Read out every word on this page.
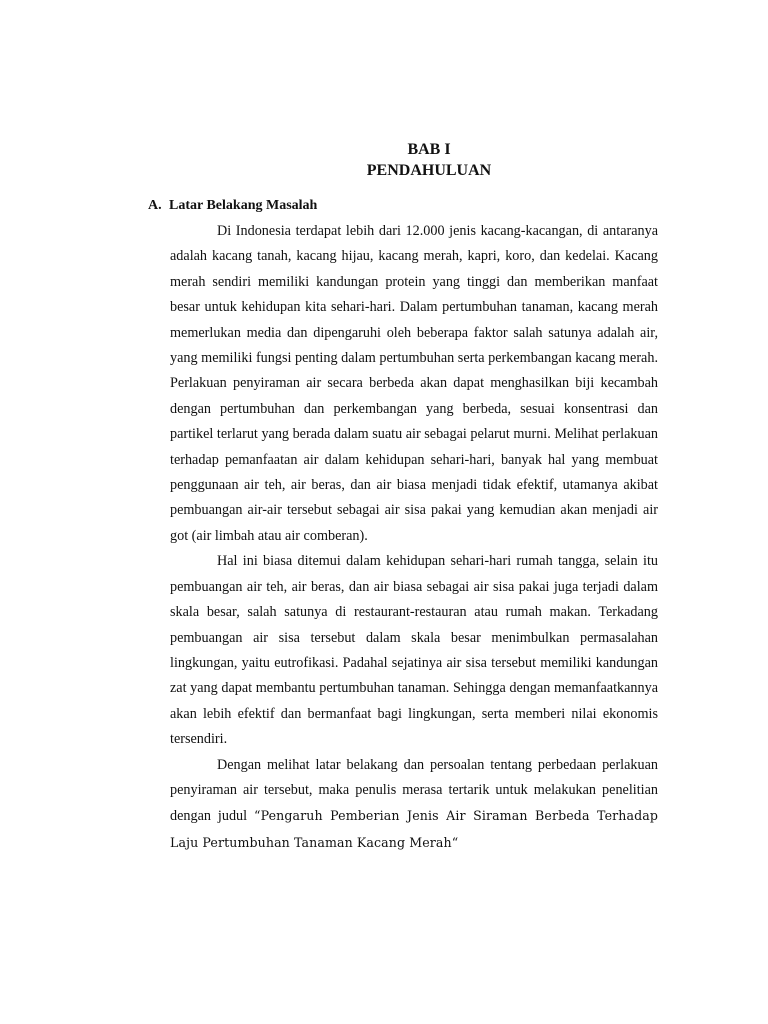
BAB I
PENDAHULUAN
A. Latar Belakang Masalah

Di Indonesia terdapat lebih dari 12.000 jenis kacang-kacangan, di antaranya adalah kacang tanah, kacang hijau, kacang merah, kapri, koro, dan kedelai. Kacang merah sendiri memiliki kandungan protein yang tinggi dan memberikan manfaat besar untuk kehidupan kita sehari-hari. Dalam pertumbuhan tanaman, kacang merah memerlukan media dan dipengaruhi oleh beberapa faktor salah satunya adalah air, yang memiliki fungsi penting dalam pertumbuhan serta perkembangan kacang merah. Perlakuan penyiraman air secara berbeda akan dapat menghasilkan biji kecambah dengan pertumbuhan dan perkembangan yang berbeda, sesuai konsentrasi dan partikel terlarut yang berada dalam suatu air sebagai pelarut murni. Melihat perlakuan terhadap pemanfaatan air dalam kehidupan sehari-hari, banyak hal yang membuat penggunaan air teh, air beras, dan air biasa menjadi tidak efektif, utamanya akibat pembuangan air-air tersebut sebagai air sisa pakai yang kemudian akan menjadi air got (air limbah atau air comberan).

Hal ini biasa ditemui dalam kehidupan sehari-hari rumah tangga, selain itu pembuangan air teh, air beras, dan air biasa sebagai air sisa pakai juga terjadi dalam skala besar, salah satunya di restaurant-restauran atau rumah makan. Terkadang pembuangan air sisa tersebut dalam skala besar menimbulkan permasalahan lingkungan, yaitu eutrofikasi. Padahal sejatinya air sisa tersebut memiliki kandungan zat yang dapat membantu pertumbuhan tanaman. Sehingga dengan memanfaatkannya akan lebih efektif dan bermanfaat bagi lingkungan, serta memberi nilai ekonomis tersendiri.

Dengan melihat latar belakang dan persoalan tentang perbedaan perlakuan penyiraman air tersebut, maka penulis merasa tertarik untuk melakukan penelitian dengan judul “Pengaruh Pemberian Jenis Air Siraman Berbeda Terhadap Laju Pertumbuhan Tanaman Kacang Merah“
